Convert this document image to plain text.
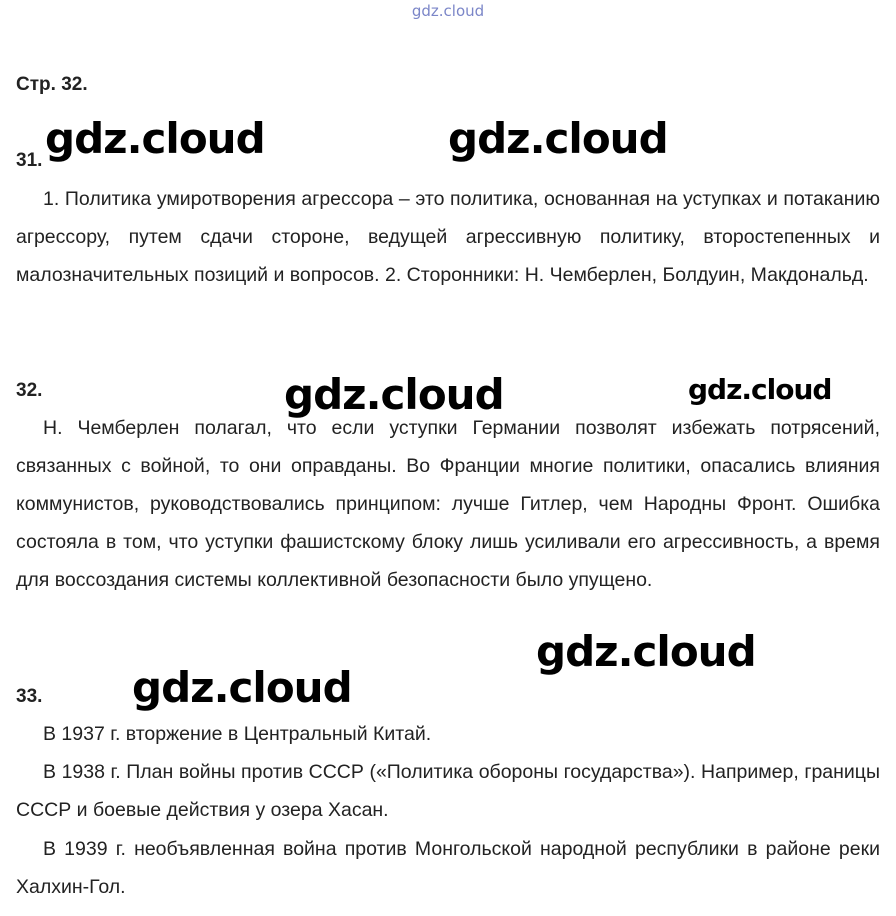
gdz.cloud
Стр. 32.
31.

1. Политика умиротворения агрессора – это политика, основанная на уступках и потаканию агрессору, путем сдачи стороне, ведущей агрессивную политику, второстепенных и малозначительных позиций и вопросов. 2. Сторонники: Н. Чемберлен, Болдуин, Макдональд.

32.

Н. Чемберлен полагал, что если уступки Германии позволят избежать потрясений, связанных с войной, то они оправданы. Во Франции многие политики, опасались влияния коммунистов, руководствовались принципом: лучше Гитлер, чем Народны Фронт. Ошибка состояла в том, что уступки фашистскому блоку лишь усиливали его агрессивность, а время для воссоздания системы коллективной безопасности было упущено.

33.

В 1937 г. вторжение в Центральный Китай.

В 1938 г. План войны против СССР («Политика обороны государства»). Например, границы СССР и боевые действия у озера Хасан.

В 1939 г. необъявленная война против Монгольской народной республики в районе реки Халхин-Гол.

gdz.cloud	gdz.cloud
gdz.cloud	gdz.cloud
gdz.cloud
gdz.cloud
